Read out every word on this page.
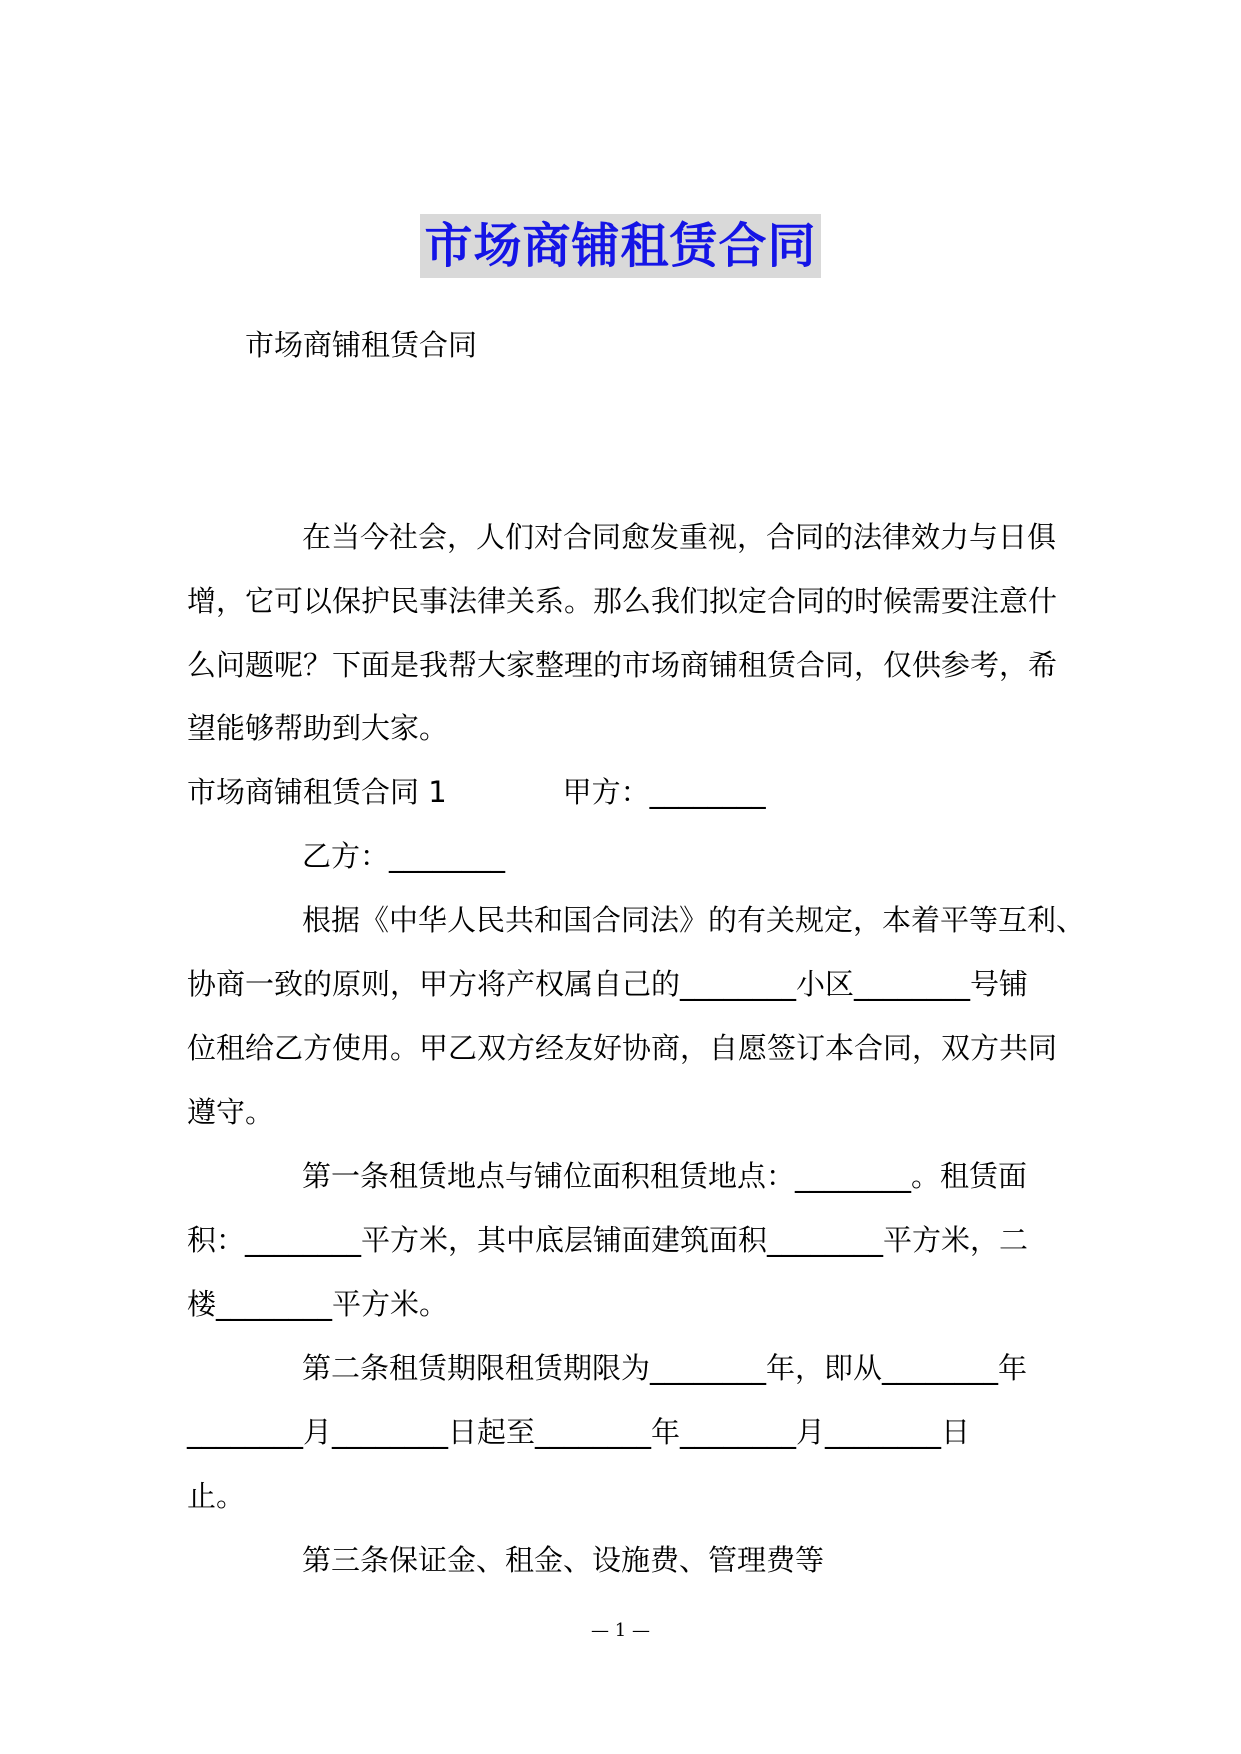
市场商铺租赁合同
市场商铺租赁合同
在当今社会，人们对合同愈发重视，合同的法律效力与日俱
增，它可以保护民事法律关系。那么我们拟定合同的时候需要注意什
么问题呢？下面是我帮大家整理的市场商铺租赁合同，仅供参考，希
望能够帮助到大家。
市场商铺租赁合同 1　　　　甲方：________
乙方：________
根据《中华人民共和国合同法》的有关规定，本着平等互利、
协商一致的原则，甲方将产权属自己的________小区________号铺
位租给乙方使用。甲乙双方经友好协商，自愿签订本合同，双方共同
遵守。
第一条租赁地点与铺位面积租赁地点：________。租赁面
积：________平方米，其中底层铺面建筑面积________平方米，二
楼________平方米。
第二条租赁期限租赁期限为________年，即从________年
________月________日起至________年________月________日
止。
第三条保证金、租金、设施费、管理费等
— 1 —
